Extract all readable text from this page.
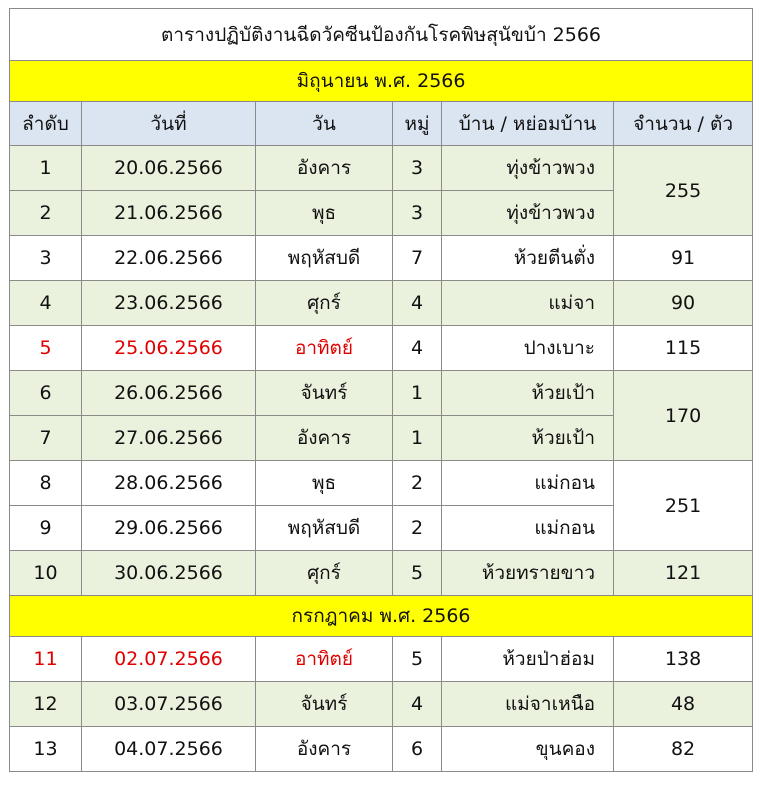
ตารางปฏิบัติงานฉีดวัคซีนป้องกันโรคพิษสุนัขบ้า 2566					
มิถุนายน พ.ศ. 2566					
ลำดับ	วันที่	วัน	หมู่	บ้าน / หย่อมบ้าน	จำนวน / ตัว
1	20.06.2566	อังคาร	3	ทุ่งข้าวพวง	255
2	21.06.2566	พุธ	3	ทุ่งข้าวพวง	
3	22.06.2566	พฤหัสบดี	7	ห้วยตีนตั่ง	91
4	23.06.2566	ศุกร์	4	แม่จา	90
5	25.06.2566	อาทิตย์	4	ปางเบาะ	115
6	26.06.2566	จันทร์	1	ห้วยเป้า	170
7	27.06.2566	อังคาร	1	ห้วยเป้า	
8	28.06.2566	พุธ	2	แม่กอน	251
9	29.06.2566	พฤหัสบดี	2	แม่กอน	
10	30.06.2566	ศุกร์	5	ห้วยทรายขาว	121
กรกฎาคม พ.ศ. 2566					
11	02.07.2566	อาทิตย์	5	ห้วยป่าฮ่อม	138
12	03.07.2566	จันทร์	4	แม่จาเหนือ	48
13	04.07.2566	อังคาร	6	ขุนคอง	82
